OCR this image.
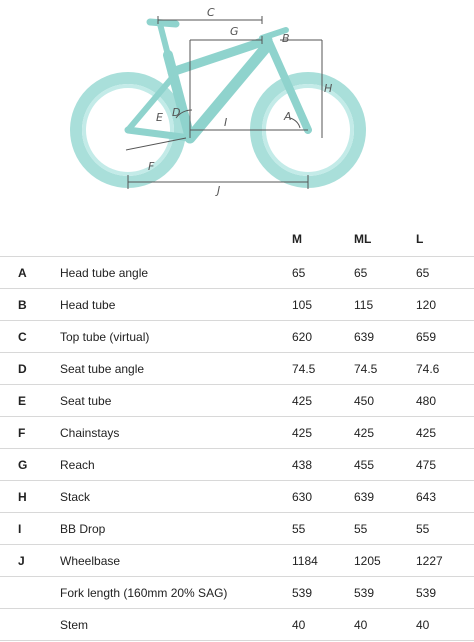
C
G
B
H
E D
I	A
F
J
		M	ML	L
A	Head tube angle	65	65	65
B	Head tube	105	115	120
C	Top tube (virtual)	620	639	659
D	Seat tube angle	74.5	74.5	74.6
E	Seat tube	425	450	480
F	Chainstays	425	425	425
G	Reach	438	455	475
H	Stack	630	639	643
I	BB Drop	55	55	55
J	Wheelbase	1184	1205	1227
	Fork length (160mm 20% SAG)	539	539	539
	Stem	40	40	40
